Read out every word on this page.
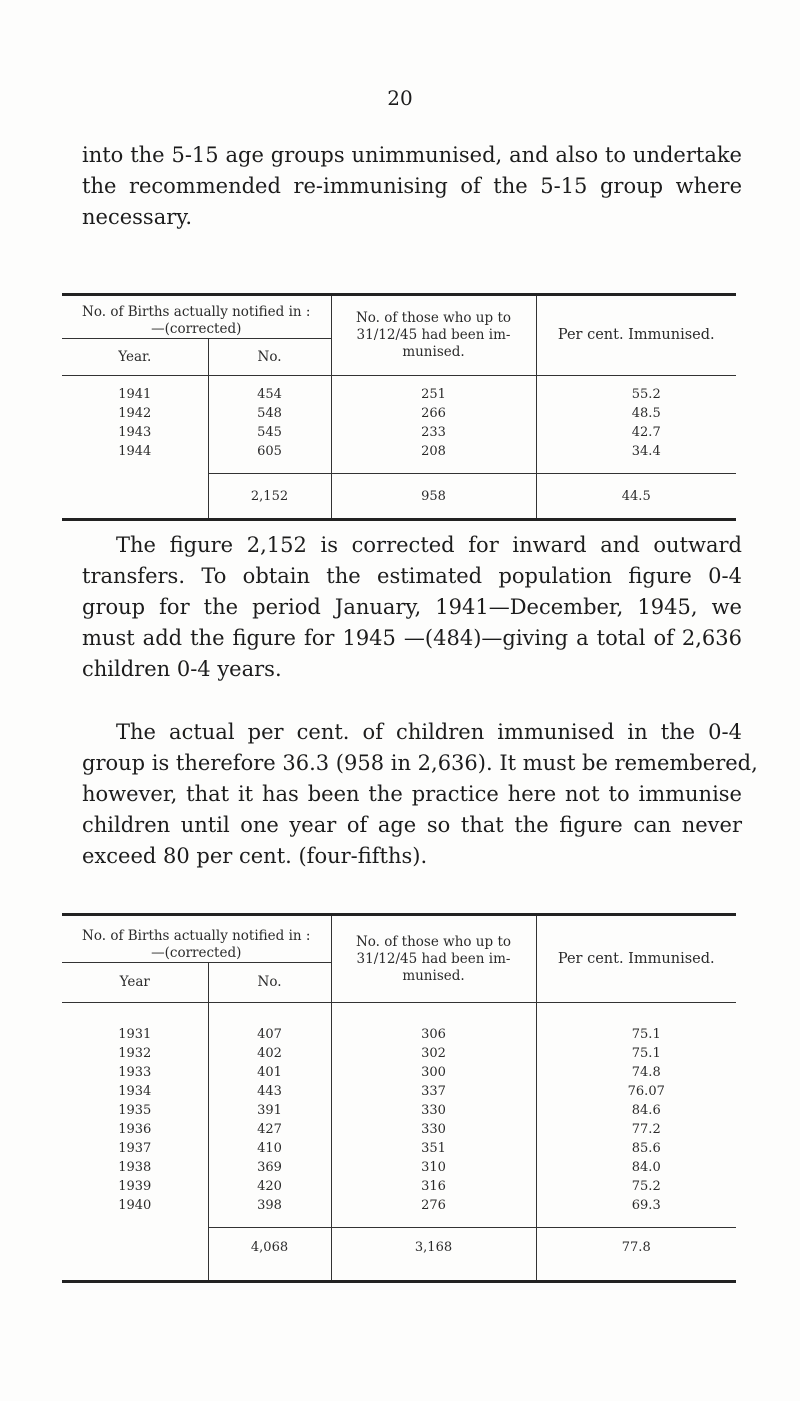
20

into the 5-15 age groups unimmunised, and also to undertake
the recommended re-immunising of the 5-15 group where
necessary.

No. of Births actually notified in :—(corrected)		No. of those who up to 31/12/45 had been im- munised.	Per cent. Immunised.
Year.	No.		
1941	454	251	55.2
1942	548	266	48.5
1943	545	233	42.7
1944	605	208	34.4
	2,152	958	44.5

The figure 2,152 is corrected for inward and outward
transfers. To obtain the estimated population figure 0-4
group for the period January, 1941—December, 1945, we
must add the figure for 1945 —(484)—giving a total of 2,636
children 0-4 years.

The actual per cent. of children immunised in the 0-4
group is therefore 36.3 (958 in 2,636). It must be remembered,
however, that it has been the practice here not to immunise
children until one year of age so that the figure can never
exceed 80 per cent. (four-fifths).

No. of Births actually notified in :—(corrected)		No. of those who up to 31/12/45 had been im- munised.	Per cent. Immunised.
Year	No.		
1931	407	306	75.1
1932	402	302	75.1
1933	401	300	74.8
1934	443	337	76.07
1935	391	330	84.6
1936	427	330	77.2
1937	410	351	85.6
1938	369	310	84.0
1939	420	316	75.2
1940	398	276	69.3
	4,068	3,168	77.8
